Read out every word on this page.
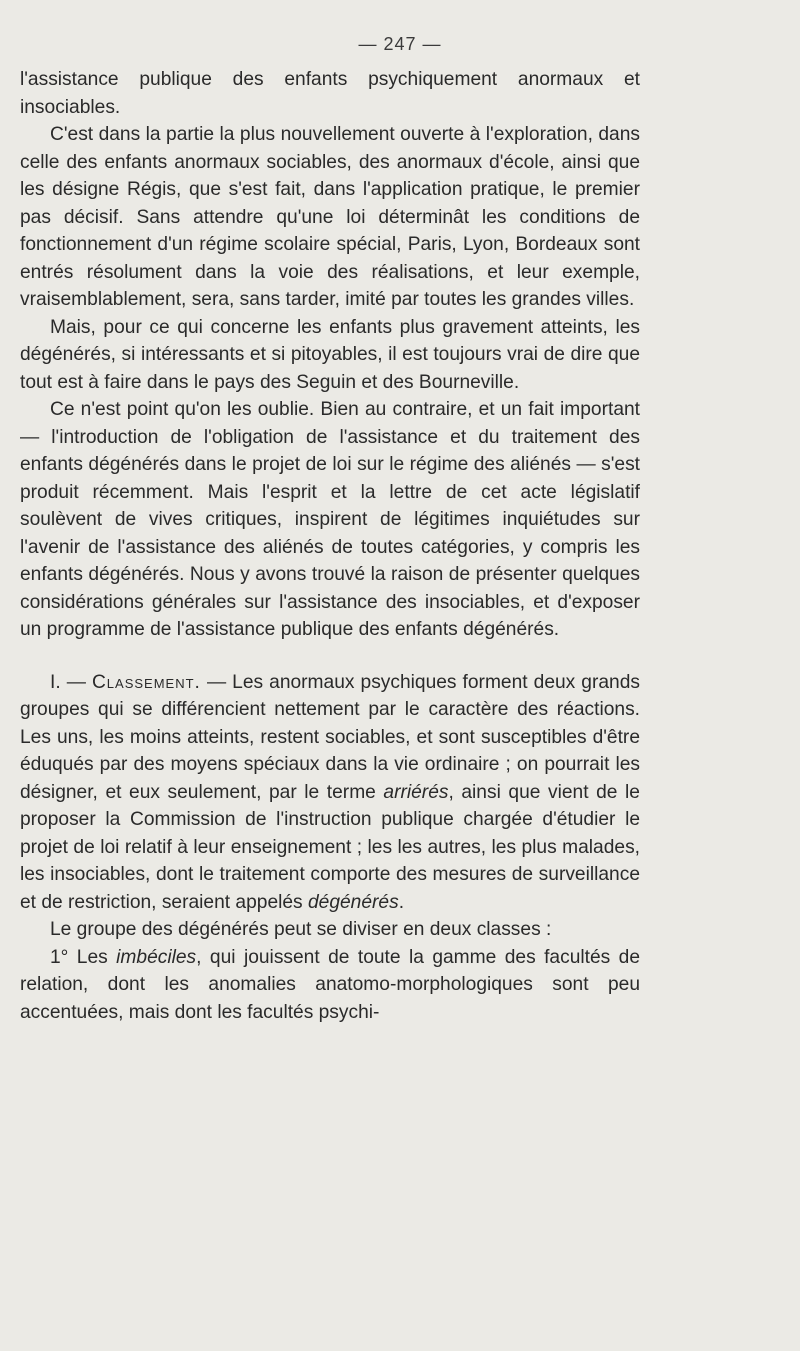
— 247 —

l'assistance publique des enfants psychiquement anormaux et insociables.

C'est dans la partie la plus nouvellement ouverte à l'exploration, dans celle des enfants anormaux sociables, des anormaux d'école, ainsi que les désigne Régis, que s'est fait, dans l'application pratique, le premier pas décisif. Sans attendre qu'une loi déterminât les conditions de fonctionnement d'un régime scolaire spécial, Paris, Lyon, Bordeaux sont entrés résolument dans la voie des réalisations, et leur exemple, vraisemblablement, sera, sans tarder, imité par toutes les grandes villes.

Mais, pour ce qui concerne les enfants plus gravement atteints, les dégénérés, si intéressants et si pitoyables, il est toujours vrai de dire que tout est à faire dans le pays des Seguin et des Bourneville.

Ce n'est point qu'on les oublie. Bien au contraire, et un fait important — l'introduction de l'obligation de l'assistance et du traitement des enfants dégénérés dans le projet de loi sur le régime des aliénés — s'est produit récemment. Mais l'esprit et la lettre de cet acte législatif soulèvent de vives critiques, inspirent de légitimes inquiétudes sur l'avenir de l'assistance des aliénés de toutes catégories, y compris les enfants dégénérés. Nous y avons trouvé la raison de présenter quelques considérations générales sur l'assistance des insociables, et d'exposer un programme de l'assistance publique des enfants dégénérés.

I. — Classement. — Les anormaux psychiques forment deux grands groupes qui se différencient nettement par le caractère des réactions. Les uns, les moins atteints, restent sociables, et sont susceptibles d'être éduqués par des moyens spéciaux dans la vie ordinaire ; on pourrait les désigner, et eux seulement, par le terme arriérés, ainsi que vient de le proposer la Commission de l'instruction publique chargée d'étudier le projet de loi relatif à leur enseignement ; les les autres, les plus malades, les insociables, dont le traitement comporte des mesures de surveillance et de restriction, seraient appelés dégénérés.

Le groupe des dégénérés peut se diviser en deux classes :

1° Les imbéciles, qui jouissent de toute la gamme des facultés de relation, dont les anomalies anatomo-morphologiques sont peu accentuées, mais dont les facultés psychi-
